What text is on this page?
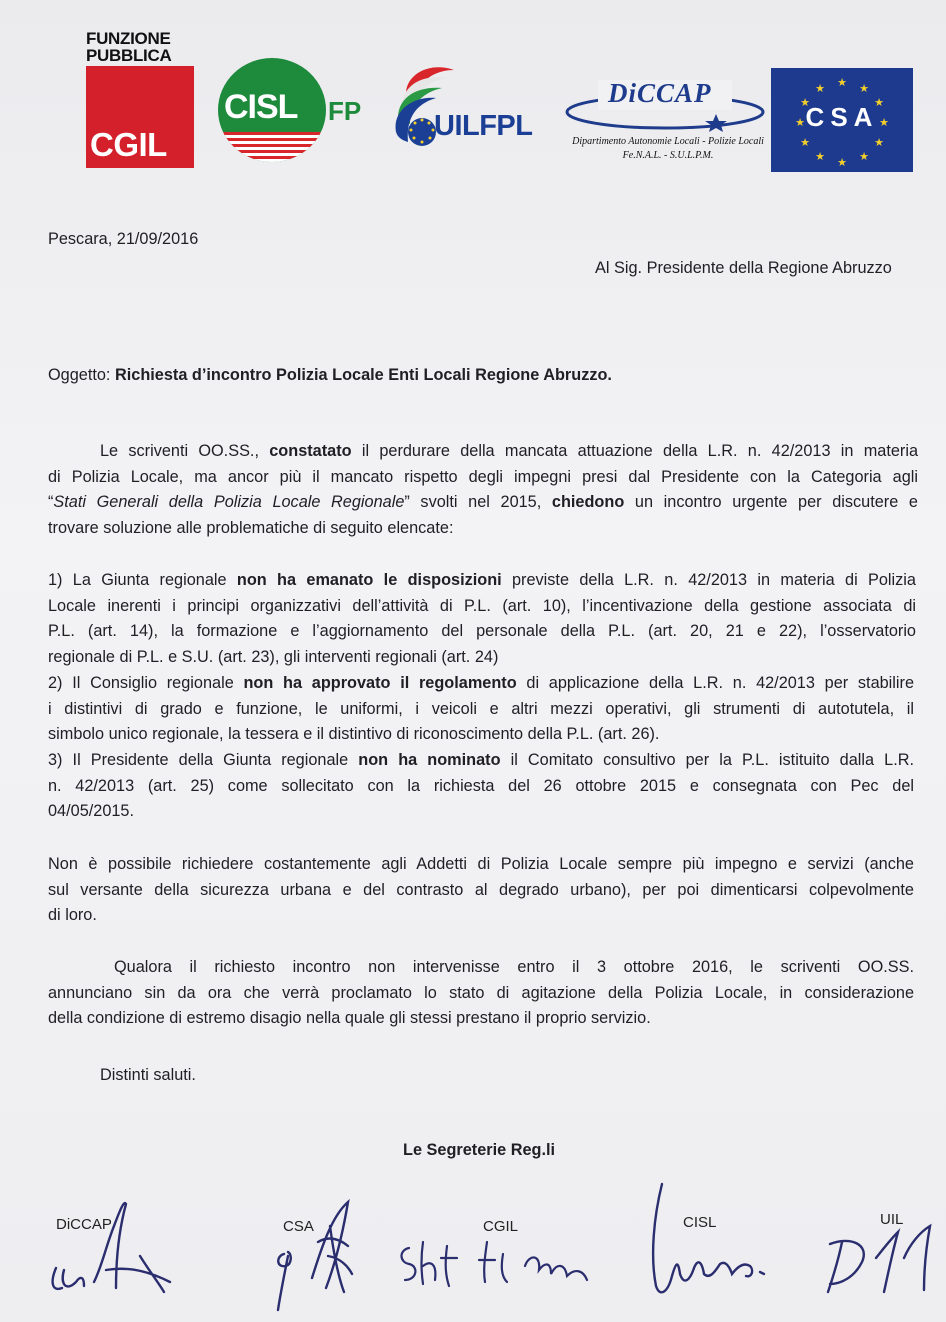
FUNZIONE
PUBBLICA
CGIL
CISL FP	UILFPL
DiCCAP
Dipartimento Autonomie Locali - Polizie Locali
Fe.N.A.L. - S.U.L.P.M.
★ ★
★
★
★
★
★
★
★
★
★
★
CSA
Pescara, 21/09/2016
Al Sig. Presidente della Regione Abruzzo
Oggetto: Richiesta d’incontro Polizia Locale Enti Locali Regione Abruzzo.
Le scriventi OO.SS., constatato il perdurare della mancata attuazione della L.R. n. 42/2013 in materia
di Polizia Locale, ma ancor più il mancato rispetto degli impegni presi dal Presidente con la Categoria agli
“Stati Generali della Polizia Locale Regionale” svolti nel 2015, chiedono un incontro urgente per discutere e
trovare soluzione alle problematiche di seguito elencate:
1) La Giunta regionale non ha emanato le disposizioni previste della L.R. n. 42/2013 in materia di Polizia
Locale inerenti i principi organizzativi dell’attività di P.L. (art. 10), l’incentivazione della gestione associata di
P.L. (art. 14), la formazione e l’aggiornamento del personale della P.L. (art. 20, 21 e 22), l’osservatorio
regionale di P.L. e S.U. (art. 23), gli interventi regionali (art. 24)
2) Il Consiglio regionale non ha approvato il regolamento di applicazione della L.R. n. 42/2013 per stabilire
i distintivi di grado e funzione, le uniformi, i veicoli e altri mezzi operativi, gli strumenti di autotutela, il
simbolo unico regionale, la tessera e il distintivo di riconoscimento della P.L. (art. 26).
3) Il Presidente della Giunta regionale non ha nominato il Comitato consultivo per la P.L. istituito dalla L.R.
n. 42/2013 (art. 25) come sollecitato con la richiesta del 26 ottobre 2015 e consegnata con Pec del
04/05/2015.
Non è possibile richiedere costantemente agli Addetti di Polizia Locale sempre più impegno e servizi (anche
sul versante della sicurezza urbana e del contrasto al degrado urbano), per poi dimenticarsi colpevolmente
di loro.
Qualora il richiesto incontro non intervenisse entro il 3 ottobre 2016, le scriventi OO.SS.
annunciano sin da ora che verrà proclamato lo stato di agitazione della Polizia Locale, in considerazione
della condizione di estremo disagio nella quale gli stessi prestano il proprio servizio.
Distinti saluti.
Le Segreterie Reg.li
DiCCAP	CSA	CGIL	CISL	UIL
